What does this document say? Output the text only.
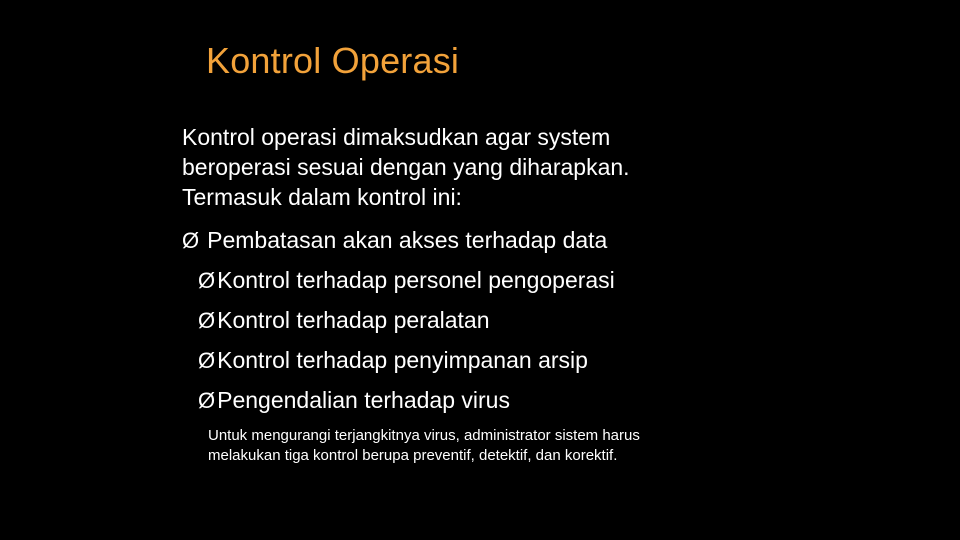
Kontrol Operasi
Kontrol operasi dimaksudkan agar system
beroperasi sesuai dengan yang diharapkan.
Termasuk dalam kontrol ini:
Ø Pembatasan akan akses terhadap data
ØKontrol terhadap personel pengoperasi
ØKontrol terhadap peralatan
ØKontrol terhadap penyimpanan arsip
ØPengendalian terhadap virus
Untuk mengurangi terjangkitnya virus, administrator sistem harus
melakukan tiga kontrol berupa preventif, detektif, dan korektif.
